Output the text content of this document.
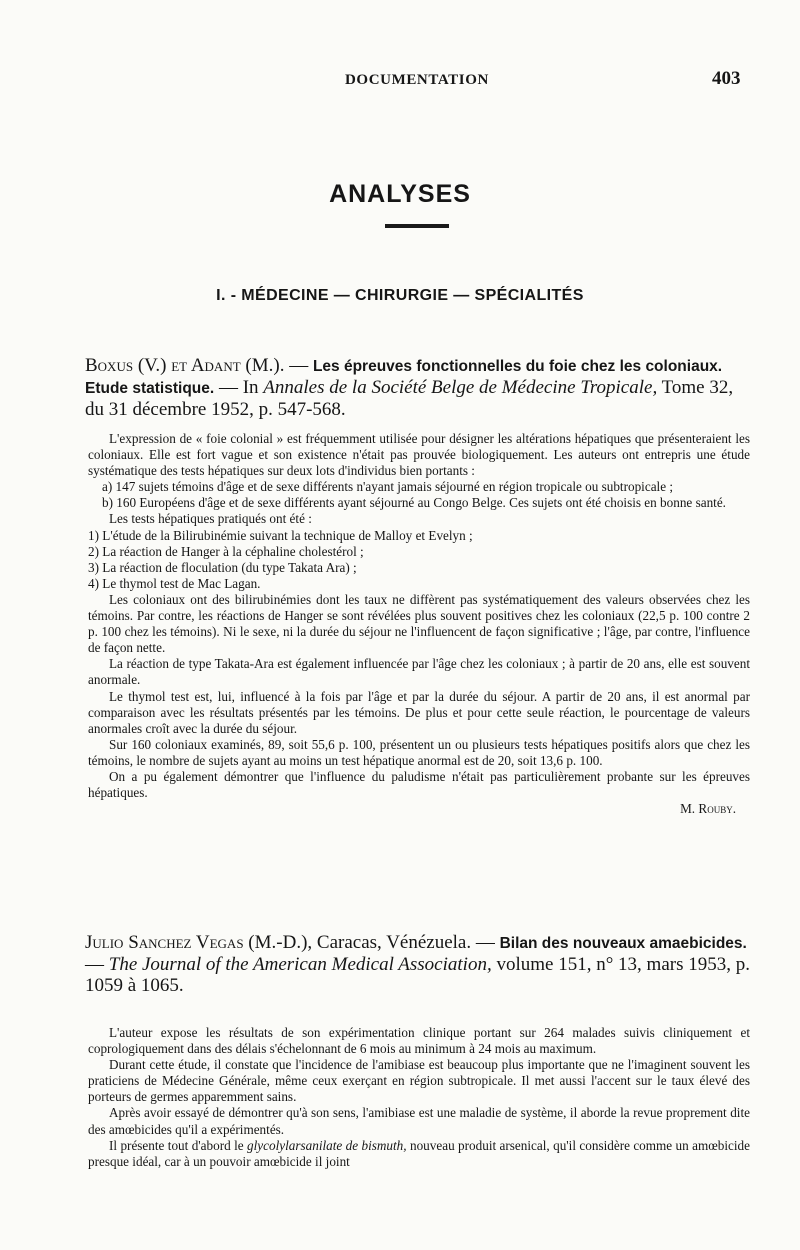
DOCUMENTATION	403
ANALYSES
I. - MÉDECINE — CHIRURGIE — SPÉCIALITÉS
Boxus (V.) et Adant (M.). — Les épreuves fonctionnelles du foie chez les coloniaux. Etude statistique. — In Annales de la Société Belge de Médecine Tropicale, Tome 32, du 31 décembre 1952, p. 547-568.

L'expression de « foie colonial » est fréquemment utilisée pour désigner les altérations hépatiques que présenteraient les coloniaux. Elle est fort vague et son existence n'était pas prouvée biologiquement. Les auteurs ont entrepris une étude systématique des tests hépatiques sur deux lots d'individus bien portants :

a) 147 sujets témoins d'âge et de sexe différents n'ayant jamais séjourné en région tropicale ou subtropicale ;

b) 160 Européens d'âge et de sexe différents ayant séjourné au Congo Belge. Ces sujets ont été choisis en bonne santé.

Les tests hépatiques pratiqués ont été :

1) L'étude de la Bilirubinémie suivant la technique de Malloy et Evelyn ;

2) La réaction de Hanger à la céphaline cholestérol ;

3) La réaction de floculation (du type Takata Ara) ;

4) Le thymol test de Mac Lagan.

Les coloniaux ont des bilirubinémies dont les taux ne diffèrent pas systématiquement des valeurs observées chez les témoins. Par contre, les réactions de Hanger se sont révélées plus souvent positives chez les coloniaux (22,5 p. 100 contre 2 p. 100 chez les témoins). Ni le sexe, ni la durée du séjour ne l'influencent de façon significative ; l'âge, par contre, l'influence de façon nette.

La réaction de type Takata-Ara est également influencée par l'âge chez les coloniaux ; à partir de 20 ans, elle est souvent anormale.

Le thymol test est, lui, influencé à la fois par l'âge et par la durée du séjour. A partir de 20 ans, il est anormal par comparaison avec les résultats présentés par les témoins. De plus et pour cette seule réaction, le pourcentage de valeurs anormales croît avec la durée du séjour.

Sur 160 coloniaux examinés, 89, soit 55,6 p. 100, présentent un ou plusieurs tests hépatiques positifs alors que chez les témoins, le nombre de sujets ayant au moins un test hépatique anormal est de 20, soit 13,6 p. 100.

On a pu également démontrer que l'influence du paludisme n'était pas particulièrement probante sur les épreuves hépatiques.

M. Rouby.

Julio Sanchez Vegas (M.-D.), Caracas, Vénézuela. — Bilan des nouveaux amaebicides. — The Journal of the American Medical Association, volume 151, n° 13, mars 1953, p. 1059 à 1065.

L'auteur expose les résultats de son expérimentation clinique portant sur 264 malades suivis cliniquement et coprologiquement dans des délais s'échelonnant de 6 mois au minimum à 24 mois au maximum.

Durant cette étude, il constate que l'incidence de l'amibiase est beaucoup plus importante que ne l'imaginent souvent les praticiens de Médecine Générale, même ceux exerçant en région subtropicale. Il met aussi l'accent sur le taux élevé des porteurs de germes apparemment sains.

Après avoir essayé de démontrer qu'à son sens, l'amibiase est une maladie de système, il aborde la revue proprement dite des amœbicides qu'il a expérimentés.

Il présente tout d'abord le glycolylarsanilate de bismuth, nouveau produit arsenical, qu'il considère comme un amœbicide presque idéal, car à un pouvoir amœbicide il joint
